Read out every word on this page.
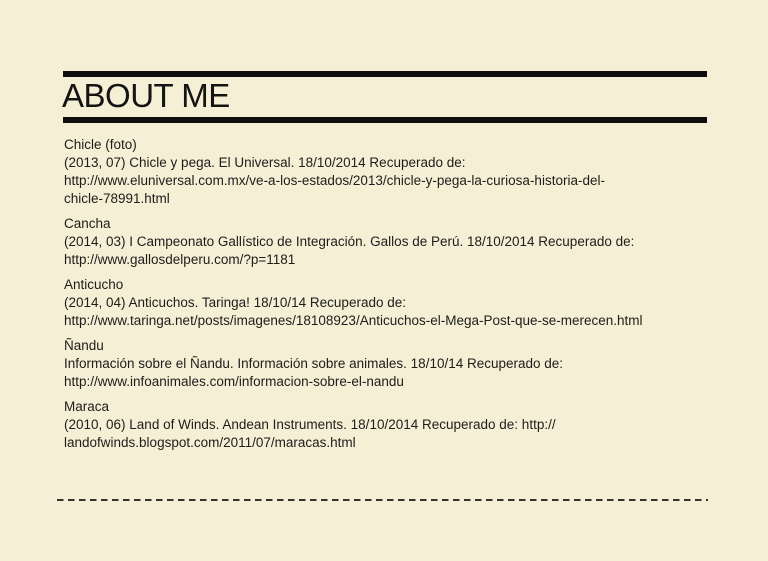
ABOUT ME
Chicle (foto)
(2013, 07) Chicle y pega. El Universal. 18/10/2014 Recuperado de:
http://www.eluniversal.com.mx/ve-a-los-estados/2013/chicle-y-pega-la-curiosa-historia-del-
chicle-78991.html
Cancha
(2014, 03) I Campeonato Gallístico de Integración. Gallos de Perú. 18/10/2014 Recuperado de:
http://www.gallosdelperu.com/?p=1181
Anticucho
(2014, 04) Anticuchos. Taringa! 18/10/14 Recuperado de:
http://www.taringa.net/posts/imagenes/18108923/Anticuchos-el-Mega-Post-que-se-merecen.html
Ñandu
Información sobre el Ñandu. Información sobre animales. 18/10/14 Recuperado de:
http://www.infoanimales.com/informacion-sobre-el-nandu
Maraca
(2010, 06) Land of Winds. Andean Instruments. 18/10/2014 Recuperado de: http://
landofwinds.blogspot.com/2011/07/maracas.html
